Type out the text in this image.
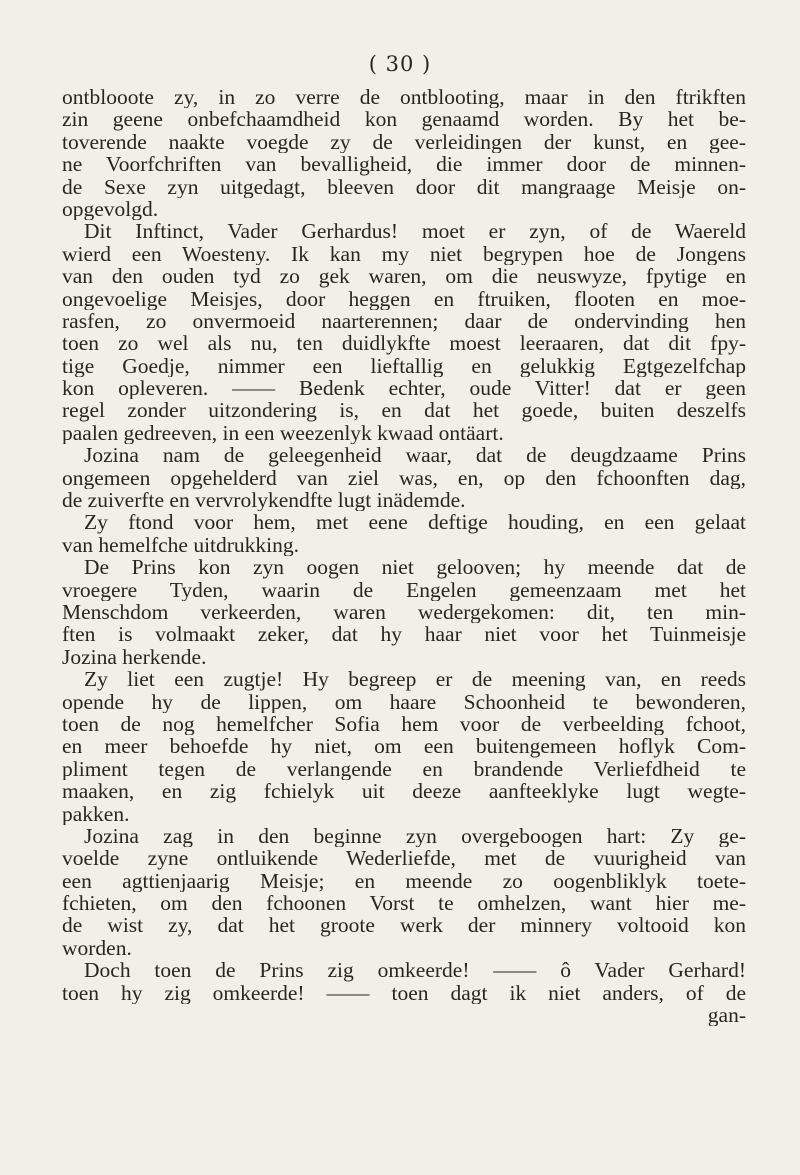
( 30 )
ontblooote zy, in zo verre de ontblooting, maar in den ftrikften
zin geene onbefchaamdheid kon genaamd worden. By het be-
toverende naakte voegde zy de verleidingen der kunst, en gee-
ne Voorfchriften van bevalligheid, die immer door de minnen-
de Sexe zyn uitgedagt, bleeven door dit mangraage Meisje on-
opgevolgd.
Dit Inftinct, Vader Gerhardus! moet er zyn, of de Waereld
wierd een Woesteny. Ik kan my niet begrypen hoe de Jongens
van den ouden tyd zo gek waren, om die neuswyze, fpytige en
ongevoelige Meisjes, door heggen en ftruiken, flooten en moe-
rasfen, zo onvermoeid naarterennen; daar de ondervinding hen
toen zo wel als nu, ten duidlykfte moest leeraaren, dat dit fpy-
tige Goedje, nimmer een lieftallig en gelukkig Egtgezelfchap
kon opleveren. —— Bedenk echter, oude Vitter! dat er geen
regel zonder uitzondering is, en dat het goede, buiten deszelfs
paalen gedreeven, in een weezenlyk kwaad ontäart.
Jozina nam de geleegenheid waar, dat de deugdzaame Prins
ongemeen opgehelderd van ziel was, en, op den fchoonften dag,
de zuiverfte en vervrolykendfte lugt inädemde.
Zy ftond voor hem, met eene deftige houding, en een gelaat
van hemelfche uitdrukking.
De Prins kon zyn oogen niet gelooven; hy meende dat de
vroegere Tyden, waarin de Engelen gemeenzaam met het
Menschdom verkeerden, waren wedergekomen: dit, ten min-
ften is volmaakt zeker, dat hy haar niet voor het Tuinmeisje
Jozina herkende.
Zy liet een zugtje! Hy begreep er de meening van, en reeds
opende hy de lippen, om haare Schoonheid te bewonderen,
toen de nog hemelfcher Sofia hem voor de verbeelding fchoot,
en meer behoefde hy niet, om een buitengemeen hoflyk Com-
pliment tegen de verlangende en brandende Verliefdheid te
maaken, en zig fchielyk uit deeze aanfteeklyke lugt wegte-
pakken.
Jozina zag in den beginne zyn overgeboogen hart: Zy ge-
voelde zyne ontluikende Wederliefde, met de vuurigheid van
een agttienjaarig Meisje; en meende zo oogenbliklyk toete-
fchieten, om den fchoonen Vorst te omhelzen, want hier me-
de wist zy, dat het groote werk der minnery voltooid kon
worden.
Doch toen de Prins zig omkeerde! —— ô Vader Gerhard!
toen hy zig omkeerde! —— toen dagt ik niet anders, of de
gan-
